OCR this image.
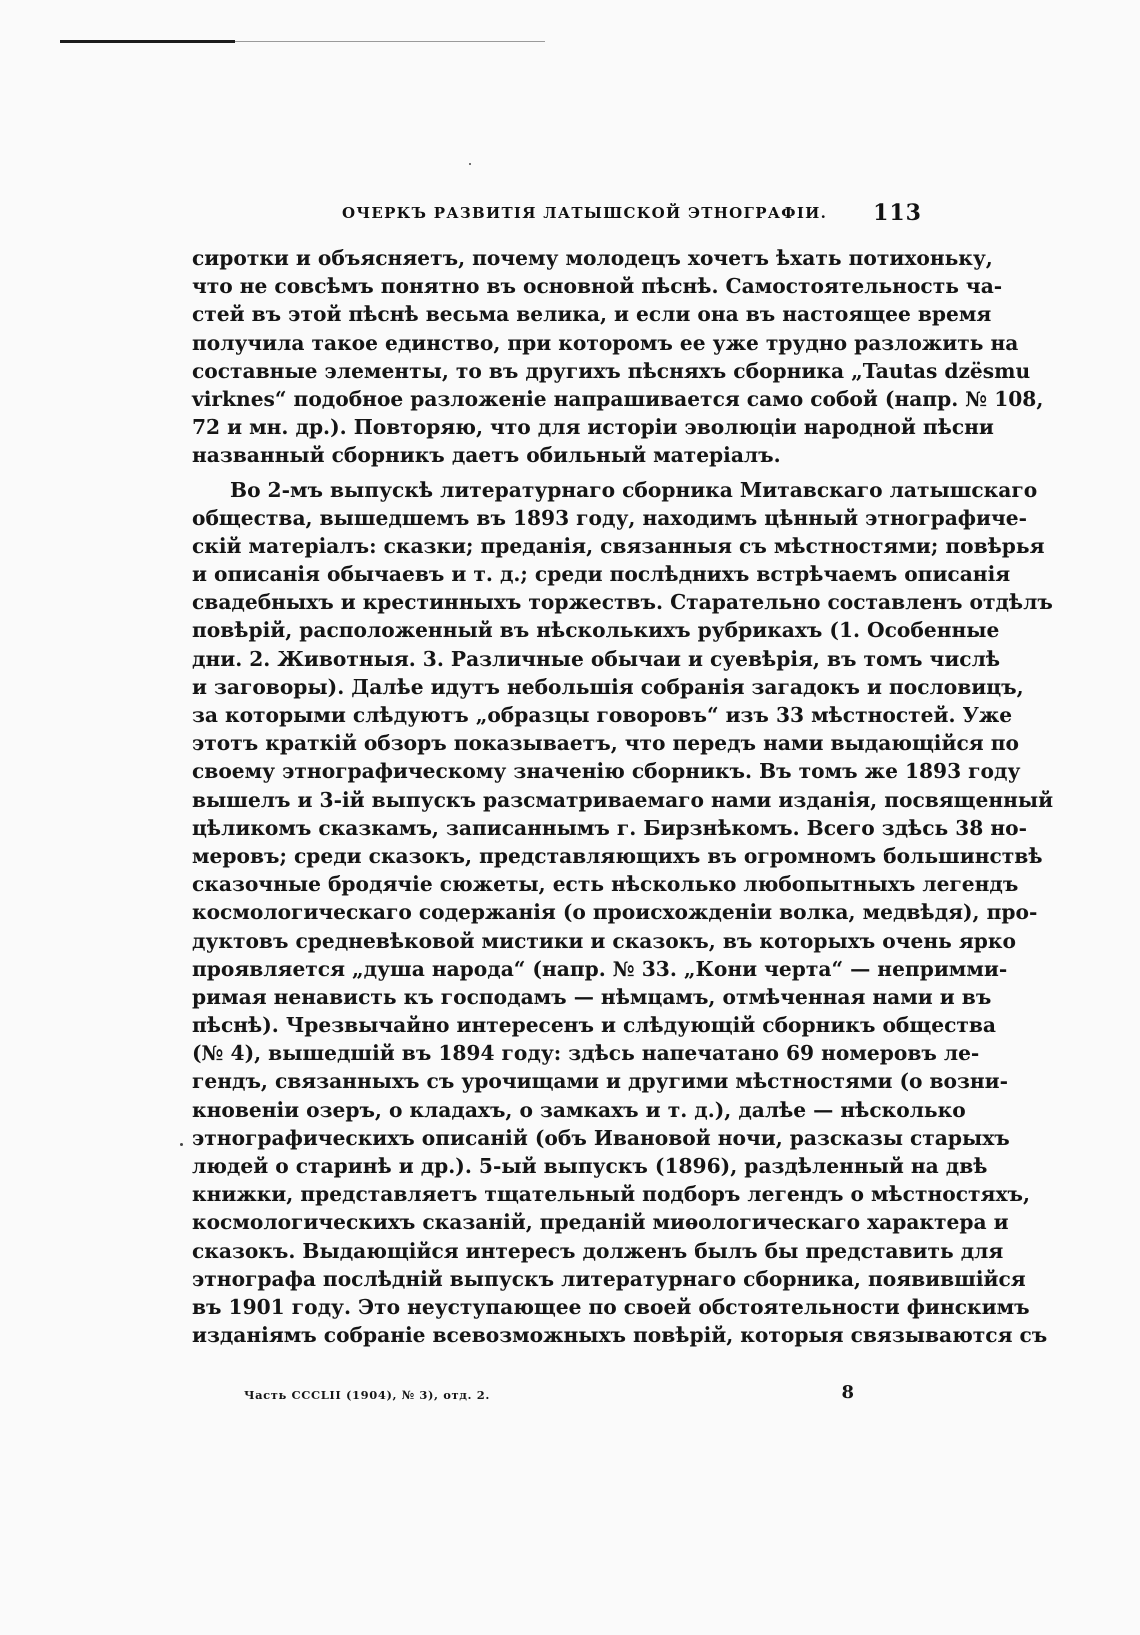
ОЧЕРКЪ РАЗВИТІЯ ЛАТЫШСКОЙ ЭТНОГРАФІИ. 113
сиротки и объясняетъ, почему молодецъ хочетъ ѣхать потихоньку,
что не совсѣмъ понятно въ основной пѣснѣ. Самостоятельность ча-
стей въ этой пѣснѣ весьма велика, и если она въ настоящее время
получила такое единство, при которомъ ее уже трудно разложить на
составные элементы, то въ другихъ пѣсняхъ сборника „Tautas dzësmu
virknes“ подобное разложеніе напрашивается само собой (напр. № 108,
72 и мн. др.). Повторяю, что для исторіи эволюціи народной пѣсни
названный сборникъ даетъ обильный матеріалъ.
Во 2-мъ выпускѣ литературнаго сборника Митавскаго латышскаго
общества, вышедшемъ въ 1893 году, находимъ цѣнный этнографиче-
скій матеріалъ: сказки; преданія, связанныя съ мѣстностями; повѣрья
и описанія обычаевъ и т. д.; среди послѣднихъ встрѣчаемъ описанія
свадебныхъ и крестинныхъ торжествъ. Старательно составленъ отдѣлъ
повѣрій, расположенный въ нѣсколькихъ рубрикахъ (1. Особенные
дни. 2. Животныя. 3. Различные обычаи и суевѣрія, въ томъ числѣ
и заговоры). Далѣе идутъ небольшія собранія загадокъ и пословицъ,
за которыми слѣдуютъ „образцы говоровъ“ изъ 33 мѣстностей. Уже
этотъ краткій обзоръ показываетъ, что передъ нами выдающійся по
своему этнографическому значенію сборникъ. Въ томъ же 1893 году
вышелъ и 3-ій выпускъ разсматриваемаго нами изданія, посвященный
цѣликомъ сказкамъ, записаннымъ г. Бирзнѣкомъ. Всего здѣсь 38 но-
меровъ; среди сказокъ, представляющихъ въ огромномъ большинствѣ
сказочные бродячіе сюжеты, есть нѣсколько любопытныхъ легендъ
космологическаго содержанія (о происхожденіи волка, медвѣдя), про-
дуктовъ средневѣковой мистики и сказокъ, въ которыхъ очень ярко
проявляется „душа народа“ (напр. № 33. „Кони черта“ — непримми-
римая ненависть къ господамъ — нѣмцамъ, отмѣченная нами и въ
пѣснѣ). Чрезвычайно интересенъ и слѣдующій сборникъ общества
(№ 4), вышедшій въ 1894 году: здѣсь напечатано 69 номеровъ ле-
гендъ, связанныхъ съ урочищами и другими мѣстностями (о возни-
кновеніи озеръ, о кладахъ, о замкахъ и т. д.), далѣе — нѣсколько
этнографическихъ описаній (объ Ивановой ночи, разсказы старыхъ
людей о старинѣ и др.). 5-ый выпускъ (1896), раздѣленный на двѣ
книжки, представляетъ тщательный подборъ легендъ о мѣстностяхъ,
космологическихъ сказаній, преданій миѳологическаго характера и
сказокъ. Выдающійся интересъ долженъ былъ бы представить для
этнографа послѣдній выпускъ литературнаго сборника, появившійся
въ 1901 году. Это неуступающее по своей обстоятельности финскимъ
изданіямъ собраніе всевозможныхъ повѣрій, которыя связываются съ
Часть CCCLII (1904), № 3), отд. 2.	8
